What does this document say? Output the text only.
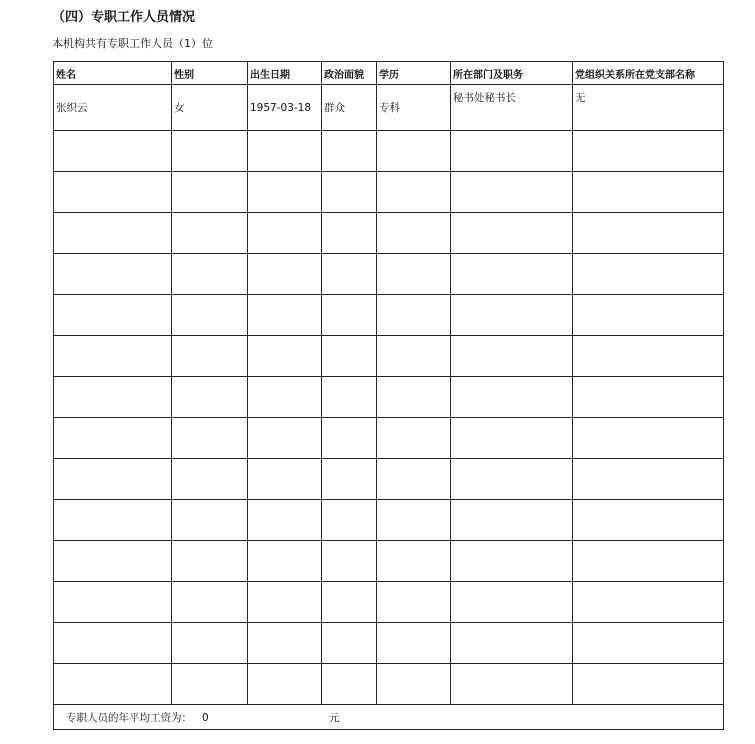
（四）专职工作人员情况
本机构共有专职工作人员（1）位
姓名	性别	出生日期	政治面貌	学历	所在部门及职务	党组织关系所在党支部名称
张织云	女	1957-03-18	群众	专科	秘书处秘书长	无

专职人员的年平均工资为： 0 元						
